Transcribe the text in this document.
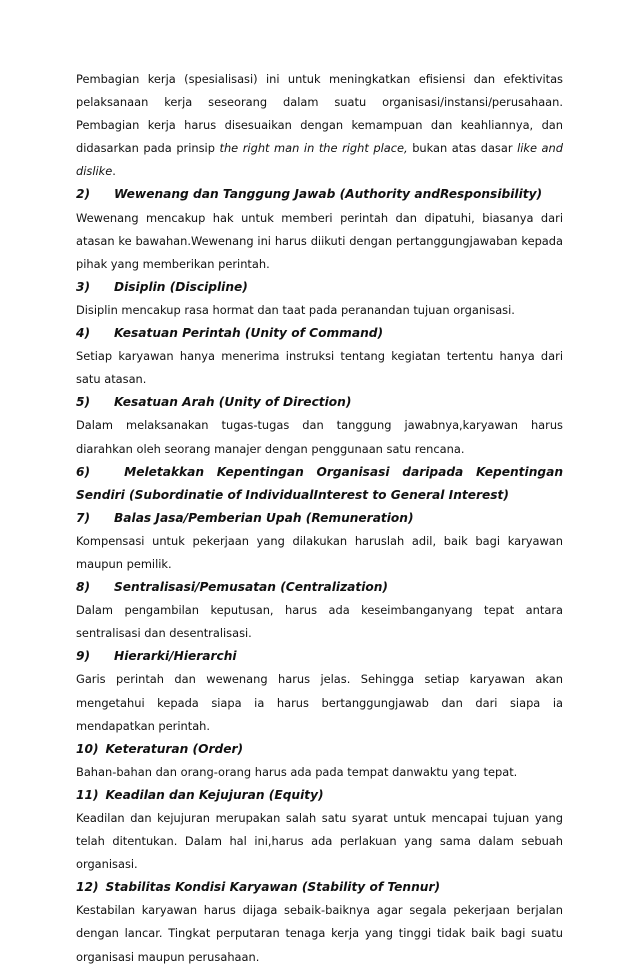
Pembagian kerja (spesialisasi) ini untuk meningkatkan efisiensi dan efektivitas pelaksanaan kerja seseorang dalam suatu organisasi/instansi/perusahaan. Pembagian kerja harus disesuaikan dengan kemampuan dan keahliannya, dan didasarkan pada prinsip the right man in the right place, bukan atas dasar like and dislike.

2) Wewenang dan Tanggung Jawab (Authority andResponsibility)

Wewenang mencakup hak untuk memberi perintah dan dipatuhi, biasanya dari atasan ke bawahan.Wewenang ini harus diikuti dengan pertanggungjawaban kepada pihak yang memberikan perintah.

3) Disiplin (Discipline)

Disiplin mencakup rasa hormat dan taat pada peranandan tujuan organisasi.

4) Kesatuan Perintah (Unity of Command)

Setiap karyawan hanya menerima instruksi tentang kegiatan tertentu hanya dari satu atasan.

5) Kesatuan Arah (Unity of Direction)

Dalam melaksanakan tugas-tugas dan tanggung jawabnya,karyawan harus diarahkan oleh seorang manajer dengan penggunaan satu rencana.

6)	Meletakkan Kepentingan Organisasi daripada Kepentingan Sendiri (Subordinatie of IndividualInterest to General Interest)

7) Balas Jasa/Pemberian Upah (Remuneration)

Kompensasi untuk pekerjaan yang dilakukan haruslah adil, baik bagi karyawan maupun pemilik.

8) Sentralisasi/Pemusatan (Centralization)

Dalam pengambilan keputusan, harus ada keseimbanganyang tepat antara sentralisasi dan desentralisasi.

9) Hierarki/Hierarchi

Garis perintah dan wewenang harus jelas. Sehingga setiap karyawan akan mengetahui kepada siapa ia harus bertanggungjawab dan dari siapa ia mendapatkan perintah.

10) Keteraturan (Order)

Bahan-bahan dan orang-orang harus ada pada tempat danwaktu yang tepat.

11) Keadilan dan Kejujuran (Equity)

Keadilan dan kejujuran merupakan salah satu syarat untuk mencapai tujuan yang telah ditentukan. Dalam hal ini,harus ada perlakuan yang sama dalam sebuah organisasi.

12) Stabilitas Kondisi Karyawan (Stability of Tennur)

Kestabilan karyawan harus dijaga sebaik-baiknya agar segala pekerjaan berjalan dengan lancar. Tingkat perputaran tenaga kerja yang tinggi tidak baik bagi suatu organisasi maupun perusahaan.
